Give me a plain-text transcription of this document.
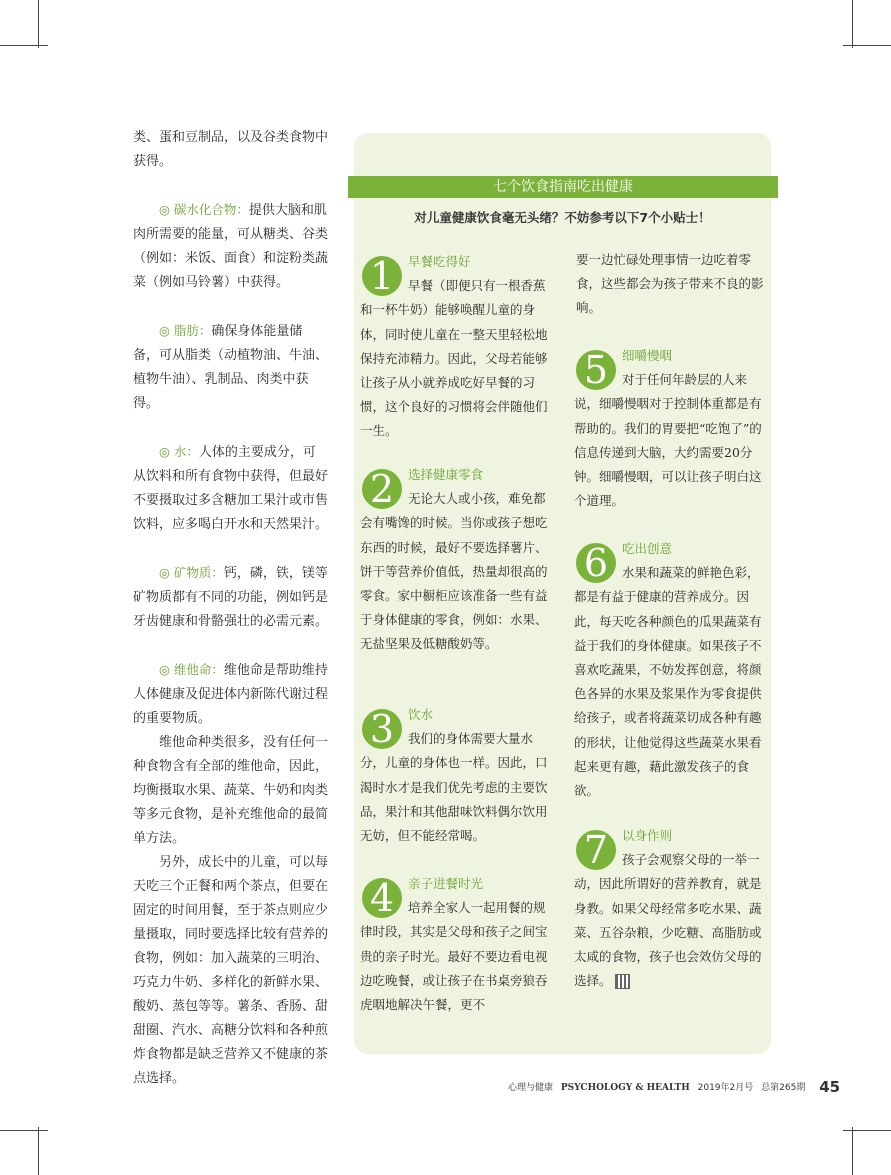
类、蛋和豆制品，以及谷类食物中获得。

◎ 碳水化合物：提供大脑和肌肉所需要的能量，可从糖类、谷类（例如：米饭、面食）和淀粉类蔬菜（例如马铃薯）中获得。

◎ 脂肪：确保身体能量储备，可从脂类（动植物油、牛油、植物牛油）、乳制品、肉类中获得。

◎ 水：人体的主要成分，可从饮料和所有食物中获得，但最好不要摄取过多含糖加工果汁或市售饮料，应多喝白开水和天然果汁。

◎ 矿物质：钙，磷，铁，镁等矿物质都有不同的功能，例如钙是牙齿健康和骨骼强壮的必需元素。

◎ 维他命：维他命是帮助维持人体健康及促进体内新陈代谢过程的重要物质。

维他命种类很多，没有任何一种食物含有全部的维他命，因此，均衡摄取水果、蔬菜、牛奶和肉类等多元食物，是补充维他命的最简单方法。

另外，成长中的儿童，可以每天吃三个正餐和两个茶点，但要在固定的时间用餐，至于茶点则应少量摄取，同时要选择比较有营养的食物，例如：加入蔬菜的三明治、巧克力牛奶、多样化的新鲜水果、酸奶、蒸包等等。薯条、香肠、甜甜圈、汽水、高糖分饮料和各种煎炸食物都是缺乏营养又不健康的茶点选择。

七个饮食指南吃出健康
对儿童健康饮食毫无头绪？不妨参考以下7个小贴士！
1	早餐吃得好

早餐（即便只有一根香蕉和一杯牛奶）能够唤醒儿童的身体，同时使儿童在一整天里轻松地保持充沛精力。因此，父母若能够让孩子从小就养成吃好早餐的习惯，这个良好的习惯将会伴随他们一生。

2	选择健康零食

无论大人或小孩，难免都会有嘴馋的时候。当你或孩子想吃东西的时候，最好不要选择薯片、饼干等营养价值低，热量却很高的零食。家中橱柜应该准备一些有益于身体健康的零食，例如：水果、无盐坚果及低糖酸奶等。

3	饮水

我们的身体需要大量水分，儿童的身体也一样。因此，口渴时水才是我们优先考虑的主要饮品，果汁和其他甜味饮料偶尔饮用无妨，但不能经常喝。

4	亲子进餐时光

培养全家人一起用餐的规律时段，其实是父母和孩子之间宝贵的亲子时光。最好不要边看电视边吃晚餐，或让孩子在书桌旁狼吞虎咽地解决午餐，更不

要一边忙碌处理事情一边吃着零食，这些都会为孩子带来不良的影响。

5	细嚼慢咽

对于任何年龄层的人来说，细嚼慢咽对于控制体重都是有帮助的。我们的胃要把“吃饱了”的信息传递到大脑，大约需要20分钟。细嚼慢咽，可以让孩子明白这个道理。

6	吃出创意

水果和蔬菜的鲜艳色彩，都是有益于健康的营养成分。因此，每天吃各种颜色的瓜果蔬菜有益于我们的身体健康。如果孩子不喜欢吃蔬果，不妨发挥创意，将颜色各异的水果及浆果作为零食提供给孩子，或者将蔬菜切成各种有趣的形状，让他觉得这些蔬菜水果看起来更有趣，藉此激发孩子的食欲。

7	以身作则

孩子会观察父母的一举一动，因此所谓好的营养教育，就是身教。如果父母经常多吃水果、蔬菜、五谷杂粮，少吃糖、高脂肪或太咸的食物，孩子也会效仿父母的选择。

心理与健康 PSYCHOLOGY & HEALTH 2019年2月号 总第265期 45
